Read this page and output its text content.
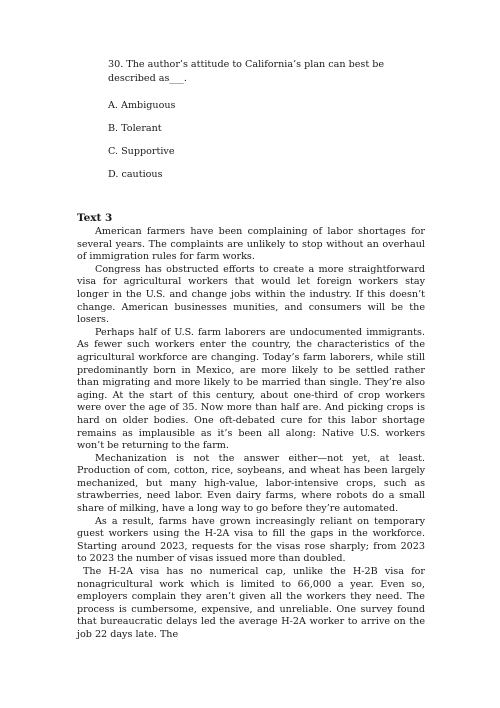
30. The author’s attitude to California’s plan can best be described as___.

A. Ambiguous

B. Tolerant

C. Supportive

D. cautious

Text 3

American farmers have been complaining of labor shortages for several years. The complaints are unlikely to stop without an overhaul of immigration rules for farm works.

Congress has obstructed efforts to create a more straightforward visa for agricultural workers that would let foreign workers stay longer in the U.S. and change jobs within the industry. If this doesn’t change. American businesses munities, and consumers will be the losers.

Perhaps half of U.S. farm laborers are undocumented immigrants. As fewer such workers enter the country, the characteristics of the agricultural workforce are changing. Today’s farm laborers, while still predominantly born in Mexico, are more likely to be settled rather than migrating and more likely to be married than single. They’re also aging. At the start of this century, about one-third of crop workers were over the age of 35. Now more than half are. And picking crops is hard on older bodies. One oft-debated cure for this labor shortage remains as implausible as it’s been all along: Native U.S. workers won’t be returning to the farm.

Mechanization is not the answer either—not yet, at least. Production of com, cotton, rice, soybeans, and wheat has been largely mechanized, but many high-value, labor-intensive crops, such as strawberries, need labor. Even dairy farms, where robots do a small share of milking, have a long way to go before they’re automated.

As a result, farms have grown increasingly reliant on temporary guest workers using the H-2A visa to fill the gaps in the workforce. Starting around 2023, requests for the visas rose sharply; from 2023 to 2023 the number of visas issued more than doubled.

The H-2A visa has no numerical cap, unlike the H-2B visa for nonagricultural work which is limited to 66,000 a year. Even so, employers complain they aren’t given all the workers they need. The process is cumbersome, expensive, and unreliable. One survey found that bureaucratic delays led the average H-2A worker to arrive on the job 22 days late. The
